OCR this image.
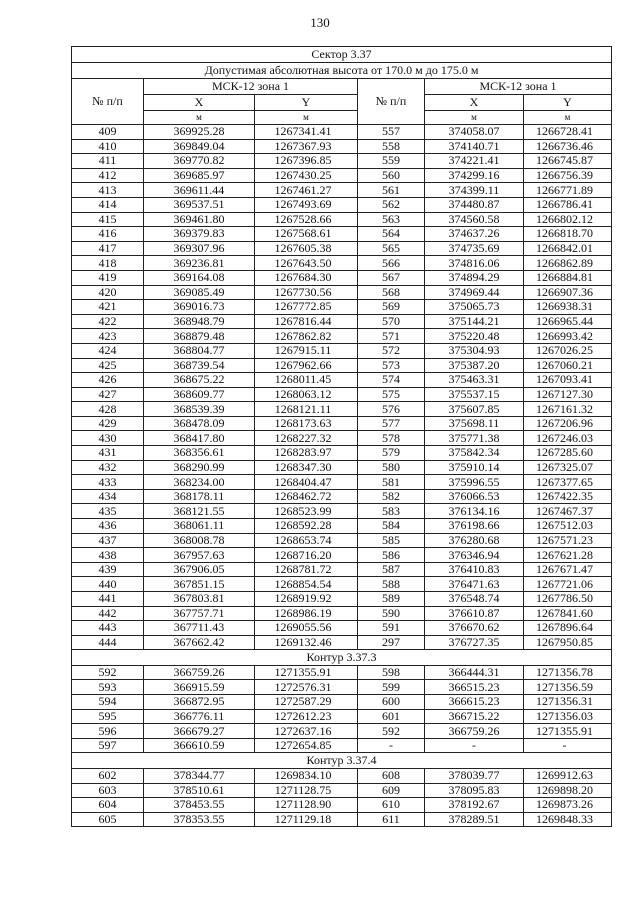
130
Сектор 3.37					
Допустимая абсолютная высота от 170.0 м до 175.0 м					
№ п/п	МСК-12 зона 1		№ п/п	МСК-12 зона 1	
	X	Y		X	Y
	м	м		м	м
409	369925.28	1267341.41	557	374058.07	1266728.41
410	369849.04	1267367.93	558	374140.71	1266736.46
411	369770.82	1267396.85	559	374221.41	1266745.87
412	369685.97	1267430.25	560	374299.16	1266756.39
413	369611.44	1267461.27	561	374399.11	1266771.89
414	369537.51	1267493.69	562	374480.87	1266786.41
415	369461.80	1267528.66	563	374560.58	1266802.12
416	369379.83	1267568.61	564	374637.26	1266818.70
417	369307.96	1267605.38	565	374735.69	1266842.01
418	369236.81	1267643.50	566	374816.06	1266862.89
419	369164.08	1267684.30	567	374894.29	1266884.81
420	369085.49	1267730.56	568	374969.44	1266907.36
421	369016.73	1267772.85	569	375065.73	1266938.31
422	368948.79	1267816.44	570	375144.21	1266965.44
423	368879.48	1267862.82	571	375220.48	1266993.42
424	368804.77	1267915.11	572	375304.93	1267026.25
425	368739.54	1267962.66	573	375387.20	1267060.21
426	368675.22	1268011.45	574	375463.31	1267093.41
427	368609.77	1268063.12	575	375537.15	1267127.30
428	368539.39	1268121.11	576	375607.85	1267161.32
429	368478.09	1268173.63	577	375698.11	1267206.96
430	368417.80	1268227.32	578	375771.38	1267246.03
431	368356.61	1268283.97	579	375842.34	1267285.60
432	368290.99	1268347.30	580	375910.14	1267325.07
433	368234.00	1268404.47	581	375996.55	1267377.65
434	368178.11	1268462.72	582	376066.53	1267422.35
435	368121.55	1268523.99	583	376134.16	1267467.37
436	368061.11	1268592.28	584	376198.66	1267512.03
437	368008.78	1268653.74	585	376280.68	1267571.23
438	367957.63	1268716.20	586	376346.94	1267621.28
439	367906.05	1268781.72	587	376410.83	1267671.47
440	367851.15	1268854.54	588	376471.63	1267721.06
441	367803.81	1268919.92	589	376548.74	1267786.50
442	367757.71	1268986.19	590	376610.87	1267841.60
443	367711.43	1269055.56	591	376670.62	1267896.64
444	367662.42	1269132.46	297	376727.35	1267950.85
Контур 3.37.3					
592	366759.26	1271355.91	598	366444.31	1271356.78
593	366915.59	1272576.31	599	366515.23	1271356.59
594	366872.95	1272587.29	600	366615.23	1271356.31
595	366776.11	1272612.23	601	366715.22	1271356.03
596	366679.27	1272637.16	592	366759.26	1271355.91
597	366610.59	1272654.85	-	-	-
Контур 3.37.4					
602	378344.77	1269834.10	608	378039.77	1269912.63
603	378510.61	1271128.75	609	378095.83	1269898.20
604	378453.55	1271128.90	610	378192.67	1269873.26
605	378353.55	1271129.18	611	378289.51	1269848.33
